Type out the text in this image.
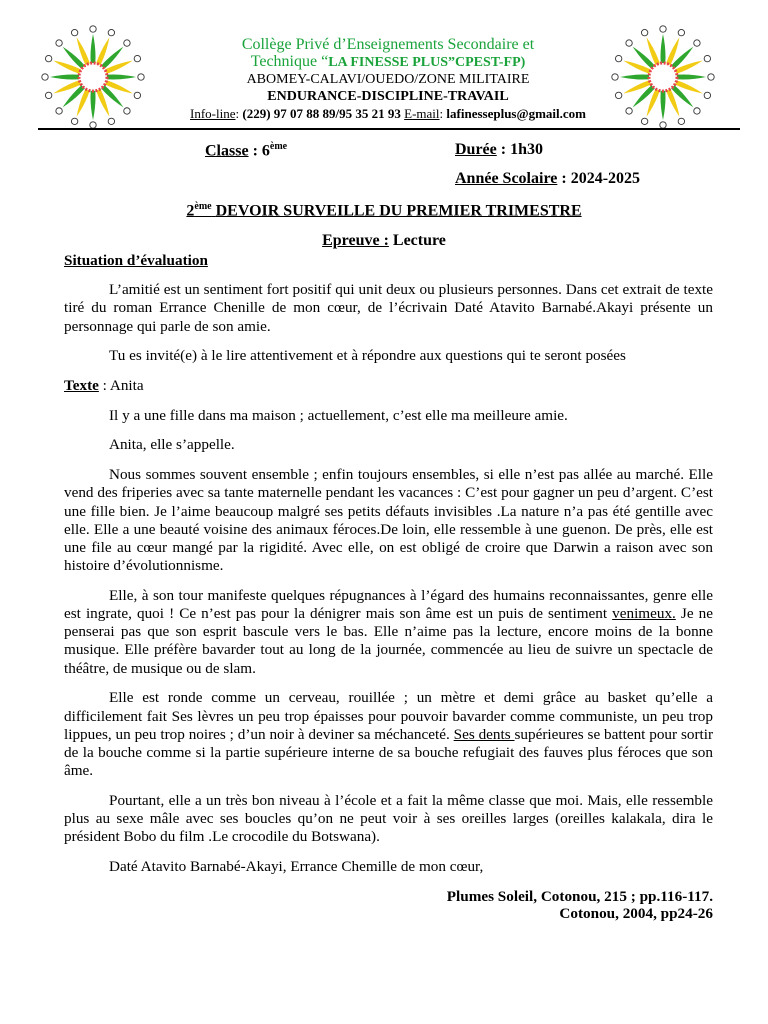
Collège Privé d’Enseignements Secondaire et
Technique “LA FINESSE PLUS”CPEST-FP)
ABOMEY-CALAVI/OUEDO/ZONE MILITAIRE
ENDURANCE-DISCIPLINE-TRAVAIL
Info-line: (229) 97 07 88 89/95 35 21 93 E-mail: lafinesseplus@gmail.com
Classe : 6ème	Durée : 1h30
Année Scolaire : 2024-2025
2ème DEVOIR SURVEILLE DU PREMIER TRIMESTRE
Epreuve : Lecture

Situation d’évaluation

L’amitié est un sentiment fort positif qui unit deux ou plusieurs personnes. Dans cet extrait de texte tiré du roman Errance Chenille de mon cœur, de l’écrivain Daté Atavito Barnabé.Akayi présente un personnage qui parle de son amie.

Tu es invité(e) à le lire attentivement et à répondre aux questions qui te seront posées

Texte : Anita

Il y a une fille dans ma maison ; actuellement, c’est elle ma meilleure amie.

Anita, elle s’appelle.

Nous sommes souvent ensemble ; enfin toujours ensembles, si elle n’est pas allée au marché. Elle vend des friperies avec sa tante maternelle pendant les vacances : C’est pour gagner un peu d’argent. C’est une fille bien. Je l’aime beaucoup malgré ses petits défauts invisibles .La nature n’a pas été gentille avec elle. Elle a une beauté voisine des animaux féroces.De loin, elle ressemble à une guenon. De près, elle est une file au cœur mangé par la rigidité. Avec elle, on est obligé de croire que Darwin a raison avec son histoire d’évolutionnisme.

Elle, à son tour manifeste quelques répugnances à l’égard des humains reconnaissantes, genre elle est ingrate, quoi ! Ce n’est pas pour la dénigrer mais son âme est un puis de sentiment venimeux. Je ne penserai pas que son esprit bascule vers le bas. Elle n’aime pas la lecture, encore moins de la bonne musique. Elle préfère bavarder tout au long de la journée, commencée au lieu de suivre un spectacle de théâtre, de musique ou de slam.

Elle est ronde comme un cerveau, rouillée ; un mètre et demi grâce au basket qu’elle a difficilement fait Ses lèvres un peu trop épaisses pour pouvoir bavarder comme communiste, un peu trop lippues, un peu trop noires ; d’un noir à deviner sa méchanceté. Ses dents supérieures se battent pour sortir de la bouche comme si la partie supérieure interne de sa bouche refugiait des fauves plus féroces que son âme.

Pourtant, elle a un très bon niveau à l’école et a fait la même classe que moi. Mais, elle ressemble plus au sexe mâle avec ses boucles qu’on ne peut voir à ses oreilles larges (oreilles kalakala, dira le président Bobo du film .Le crocodile du Botswana).

Daté Atavito Barnabé-Akayi, Errance Chemille de mon cœur,

Plumes Soleil, Cotonou, 215 ; pp.116-117.

Cotonou, 2004, pp24-26
